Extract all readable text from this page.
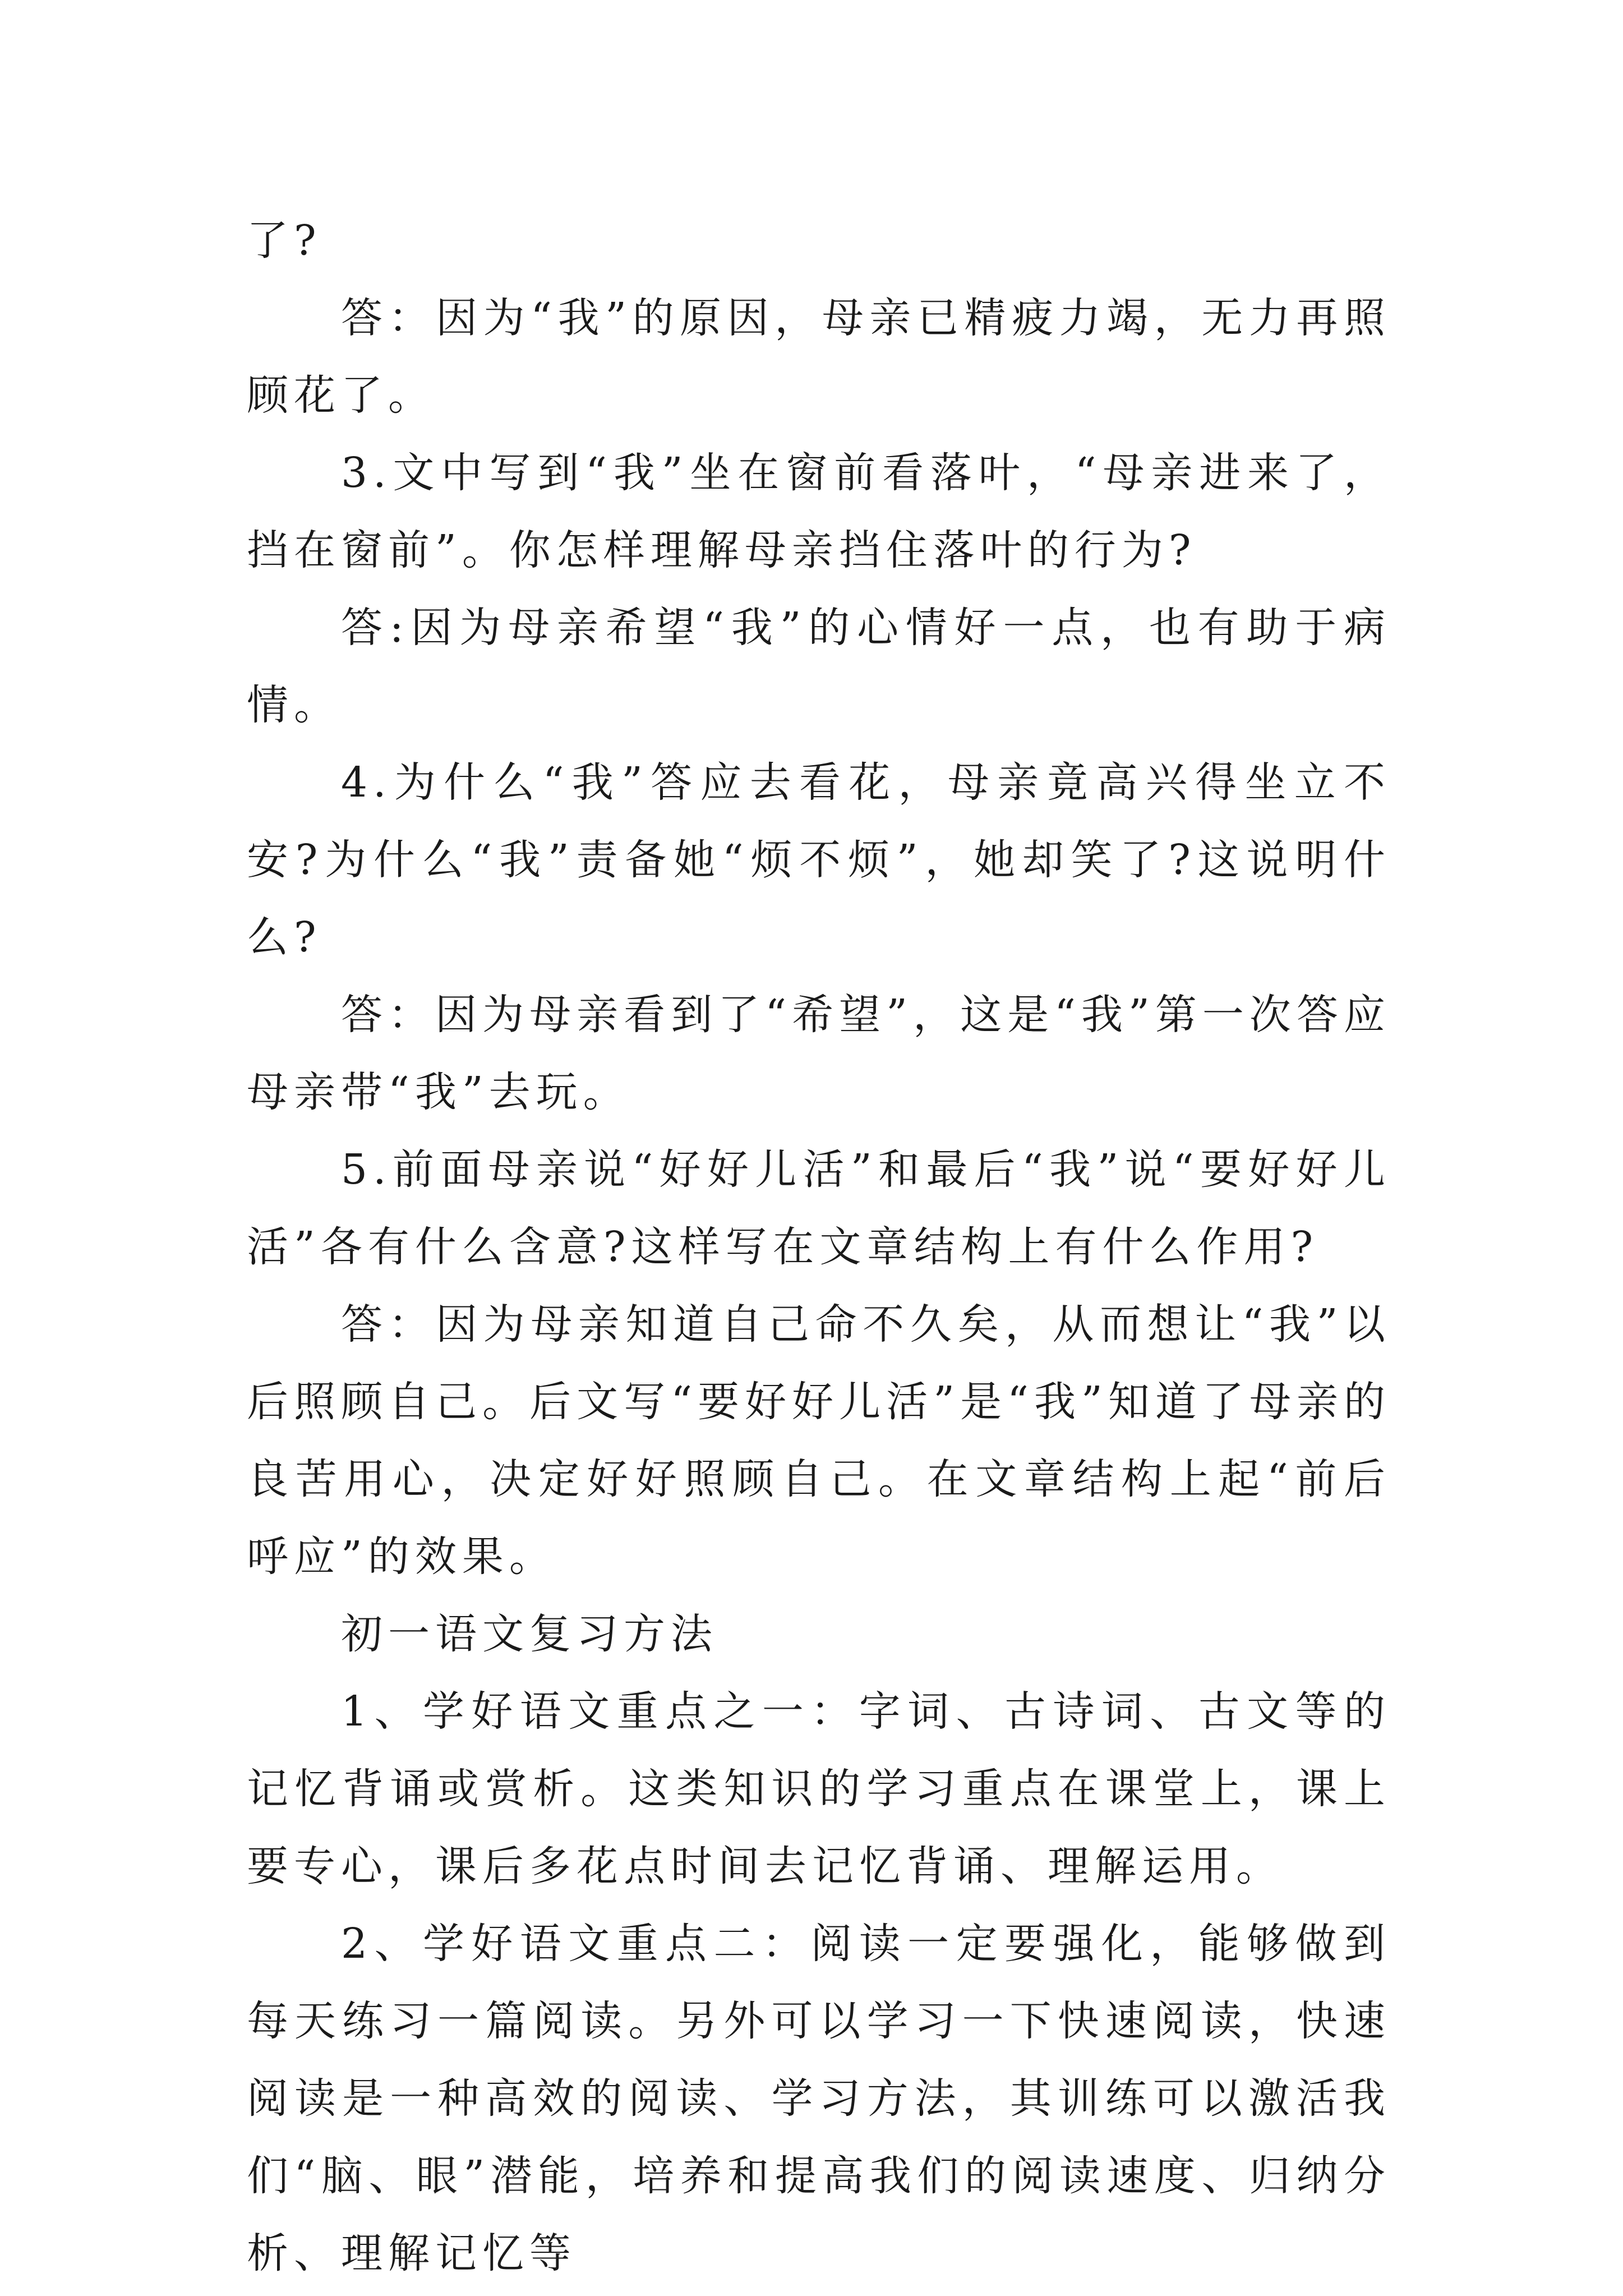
了?

答：因为“我”的原因，母亲已精疲力竭，无力再照顾花了。

3.文中写到“我”坐在窗前看落叶，“母亲进来了，挡在窗前”。你怎样理解母亲挡住落叶的行为?

答:因为母亲希望“我”的心情好一点，也有助于病情。

4.为什么“我”答应去看花，母亲竟高兴得坐立不安?为什么“我”责备她“烦不烦”，她却笑了?这说明什么?

答：因为母亲看到了“希望”，这是“我”第一次答应母亲带“我”去玩。

5.前面母亲说“好好儿活”和最后“我”说“要好好儿活”各有什么含意?这样写在文章结构上有什么作用?

答：因为母亲知道自己命不久矣，从而想让“我”以后照顾自己。后文写“要好好儿活”是“我”知道了母亲的良苦用心，决定好好照顾自己。在文章结构上起“前后呼应”的效果。

初一语文复习方法

1、学好语文重点之一：字词、古诗词、古文等的记忆背诵或赏析。这类知识的学习重点在课堂上，课上要专心，课后多花点时间去记忆背诵、理解运用。

2、学好语文重点二：阅读一定要强化，能够做到每天练习一篇阅读。另外可以学习一下快速阅读，快速阅读是一种高效的阅读、学习方法，其训练可以激活我们“脑、眼”潜能，培养和提高我们的阅读速度、归纳分析、理解记忆等
